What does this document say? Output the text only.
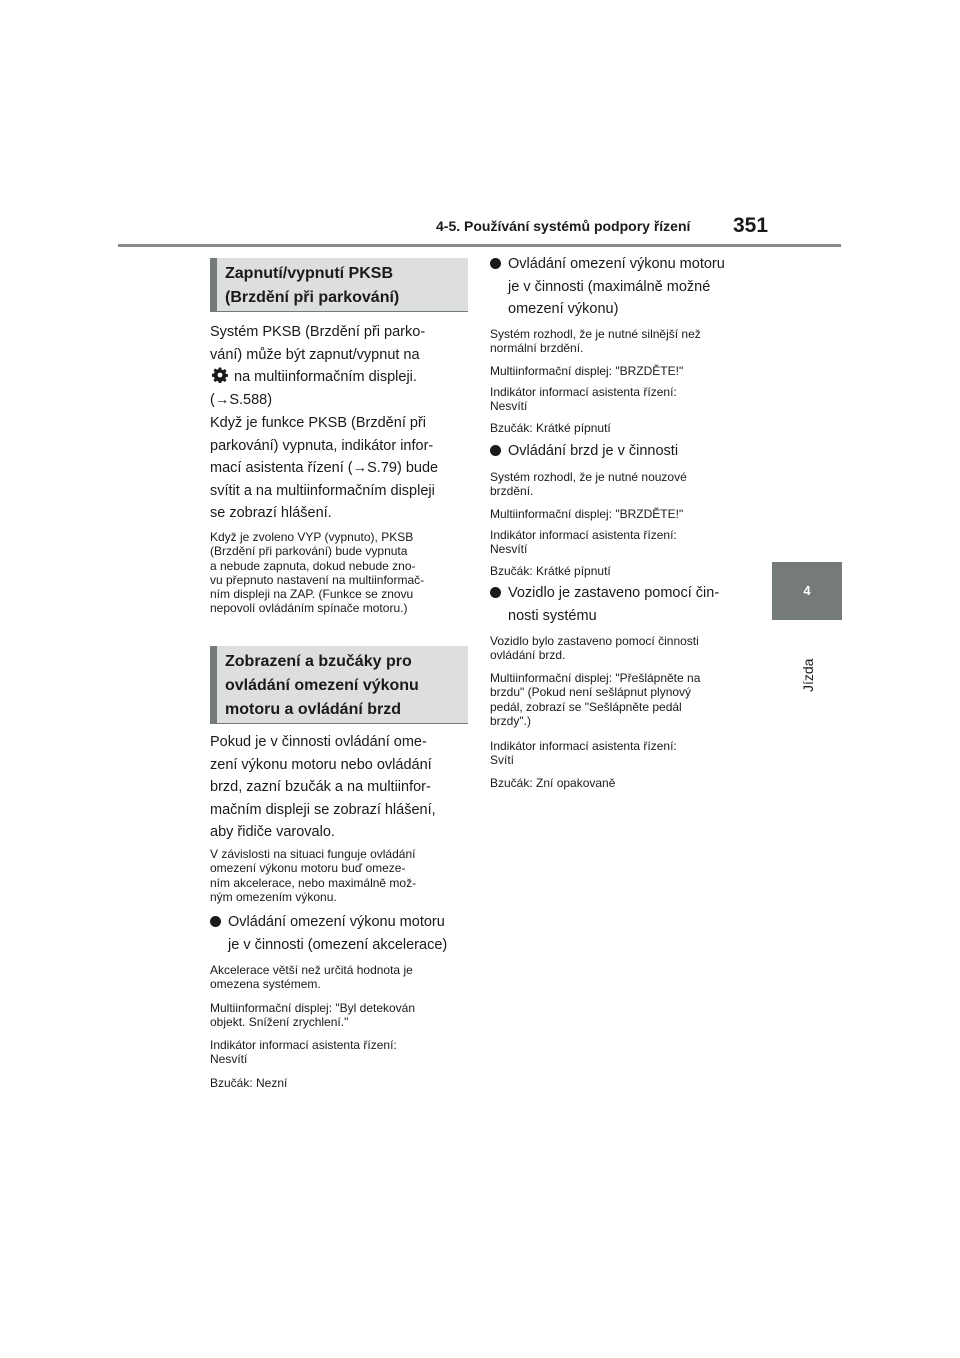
4-5. Používání systémů podpory řízení 351
4
Jízda
Zapnutí/vypnutí PKSB
(Brzdění při parkování)

Systém PKSB (Brzdění při parko-
vání) může být zapnut/vypnut na
na multiinformačním displeji.
(→S.588)

Když je funkce PKSB (Brzdění při
parkování) vypnuta, indikátor infor-
mací asistenta řízení (→S.79) bude
svítit a na multiinformačním displeji
se zobrazí hlášení.

Když je zvoleno VYP (vypnuto), PKSB
(Brzdění při parkování) bude vypnuta
a nebude zapnuta, dokud nebude zno-
vu přepnuto nastavení na multiinformač-
ním displeji na ZAP. (Funkce se znovu
nepovolí ovládáním spínače motoru.)

Zobrazení a bzučáky pro
ovládání omezení výkonu
motoru a ovládání brzd

Pokud je v činnosti ovládání ome-
zení výkonu motoru nebo ovládání
brzd, zazní bzučák a na multiinfor-
mačním displeji se zobrazí hlášení,
aby řidiče varovalo.

V závislosti na situaci funguje ovládání
omezení výkonu motoru buď omeze-
ním akcelerace, nebo maximálně mož-
ným omezením výkonu.

Ovládání omezení výkonu motoru
je v činnosti (omezení akcelerace)

Akcelerace větší než určitá hodnota je
omezena systémem.

Multiinformační displej: "Byl detekován
objekt. Snížení zrychlení."

Indikátor informací asistenta řízení:
Nesvítí

Bzučák: Nezní

Ovládání omezení výkonu motoru
je v činnosti (maximálně možné
omezení výkonu)

Systém rozhodl, že je nutné silnější než
normální brzdění.

Multiinformační displej: "BRZDĚTE!"

Indikátor informací asistenta řízení:
Nesvítí

Bzučák: Krátké pípnutí

Ovládání brzd je v činnosti

Systém rozhodl, že je nutné nouzové
brzdění.

Multiinformační displej: "BRZDĚTE!"

Indikátor informací asistenta řízení:
Nesvítí

Bzučák: Krátké pípnutí

Vozidlo je zastaveno pomocí čin-
nosti systému

Vozidlo bylo zastaveno pomocí činnosti
ovládání brzd.

Multiinformační displej: "Přešlápněte na
brzdu" (Pokud není sešlápnut plynový
pedál, zobrazí se "Sešlápněte pedál
brzdy".)

Indikátor informací asistenta řízení:
Svítí

Bzučák: Zní opakovaně
